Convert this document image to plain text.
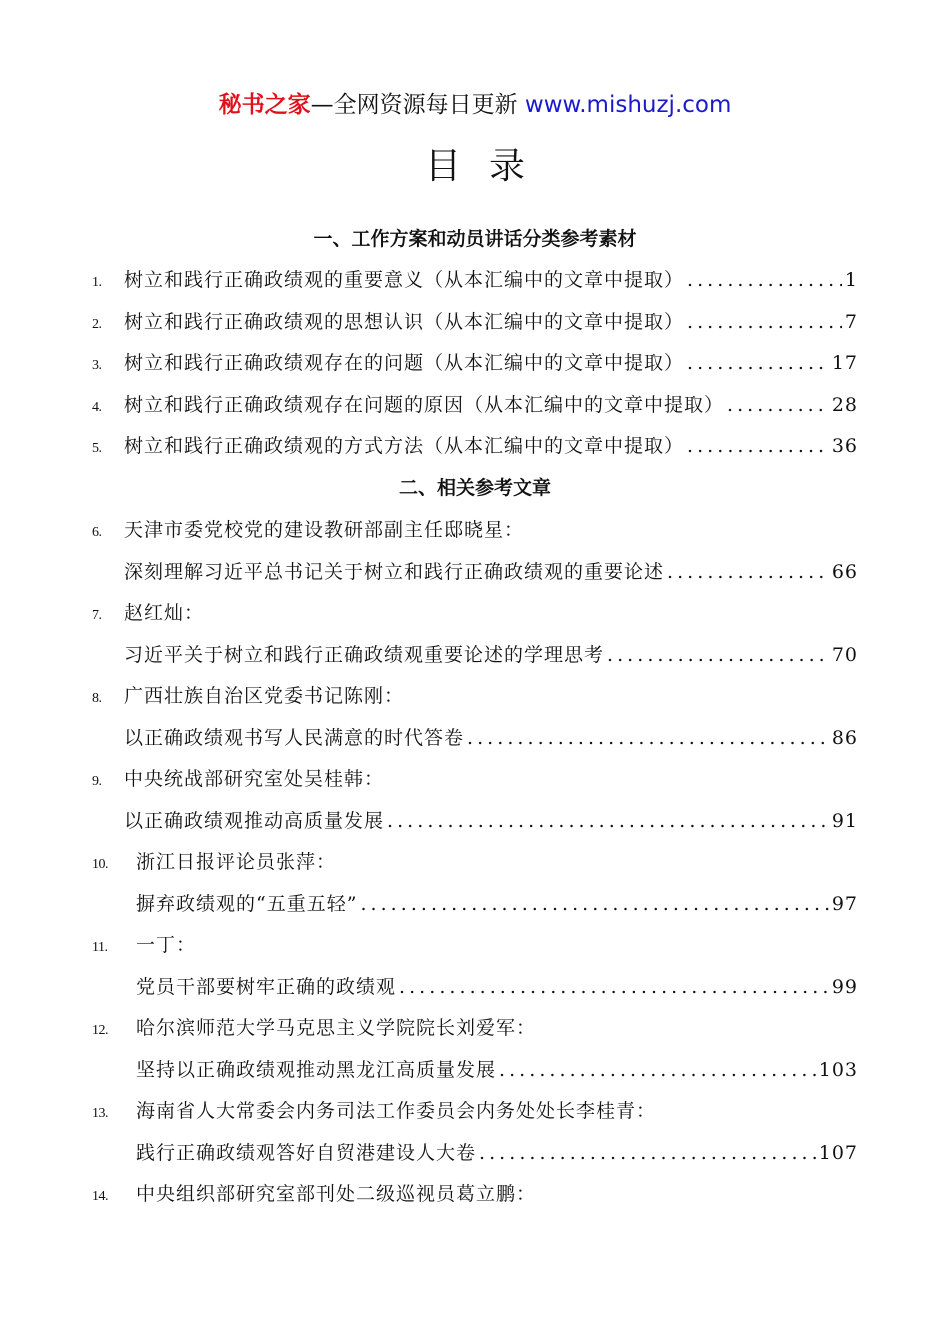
秘书之家—全网资源每日更新 www.mishuzj.com
目录
一、工作方案和动员讲话分类参考素材
1.	树立和践行正确政绩观的重要意义（从本汇编中的文章中提取） . . .	1
2.	树立和践行正确政绩观的思想认识（从本汇编中的文章中提取） . . .	7
3.	树立和践行正确政绩观存在的问题（从本汇编中的文章中提取） . . .	17
4.	树立和践行正确政绩观存在问题的原因（从本汇编中的文章中提取） . . .	28
5.	树立和践行正确政绩观的方式方法（从本汇编中的文章中提取） . . .	36
二、相关参考文章
6.	天津市委党校党的建设教研部副主任邸晓星：
深刻理解习近平总书记关于树立和践行正确政绩观的重要论述 . . .	66
7.	赵红灿：
习近平关于树立和践行正确政绩观重要论述的学理思考 . . .	70
8.	广西壮族自治区党委书记陈刚：
以正确政绩观书写人民满意的时代答卷 . . .	86
9.	中央统战部研究室处吴桂韩：
以正确政绩观推动高质量发展 . . .	91
10.	浙江日报评论员张萍：
摒弃政绩观的“五重五轻” . . .	97
11.	一丁：
党员干部要树牢正确的政绩观 . . .	99
12.	哈尔滨师范大学马克思主义学院院长刘爱军：
坚持以正确政绩观推动黑龙江高质量发展 . . .	103
13.	海南省人大常委会内务司法工作委员会内务处处长李桂青：
践行正确政绩观答好自贸港建设人大卷 . . .	107
14.	中央组织部研究室部刊处二级巡视员葛立鹏：
